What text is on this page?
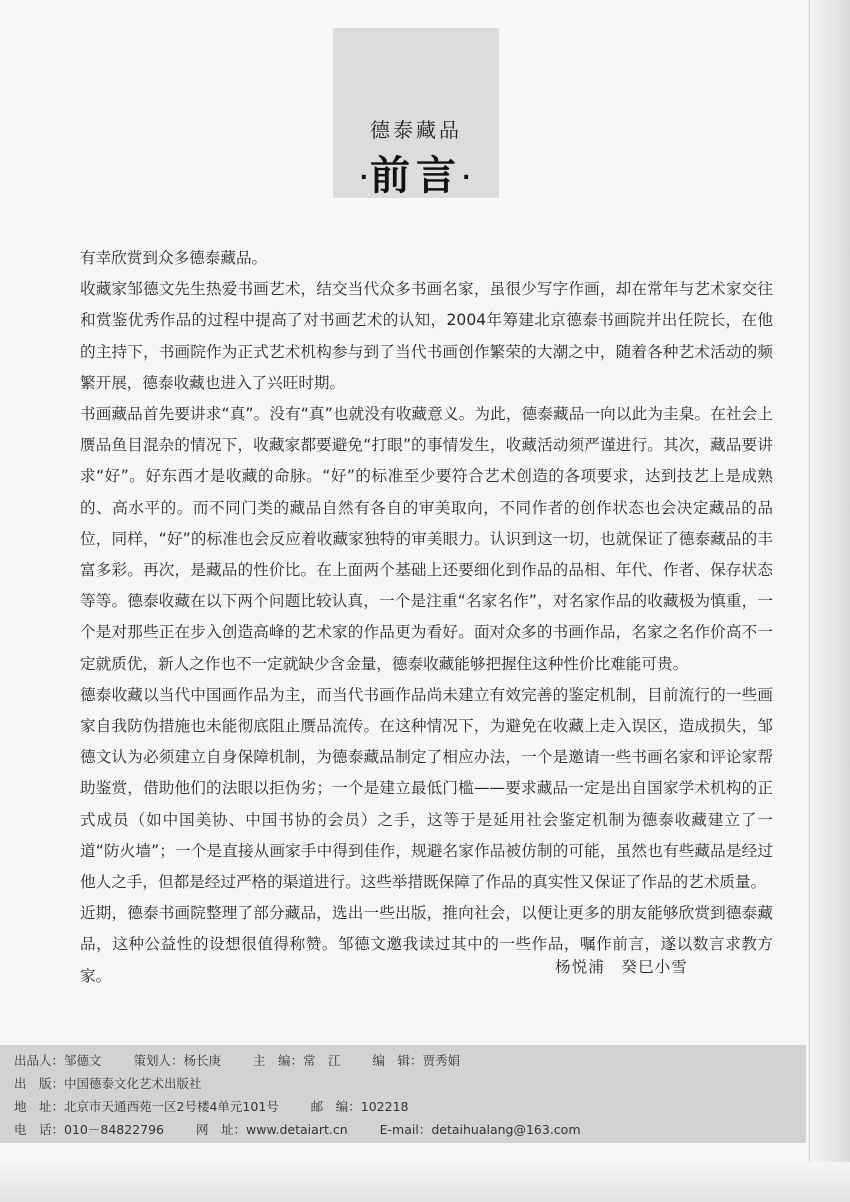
德泰藏品
·前言·

有幸欣赏到众多德泰藏品。

收藏家邹德文先生热爱书画艺术，结交当代众多书画名家，虽很少写字作画，却在常年与艺术家交往和赏鉴优秀作品的过程中提高了对书画艺术的认知，2004年筹建北京德泰书画院并出任院长，在他的主持下，书画院作为正式艺术机构参与到了当代书画创作繁荣的大潮之中，随着各种艺术活动的频繁开展，德泰收藏也进入了兴旺时期。

书画藏品首先要讲求“真”。没有“真”也就没有收藏意义。为此，德泰藏品一向以此为圭臬。在社会上赝品鱼目混杂的情况下，收藏家都要避免“打眼”的事情发生，收藏活动须严谨进行。其次，藏品要讲求“好”。好东西才是收藏的命脉。“好”的标准至少要符合艺术创造的各项要求，达到技艺上是成熟的、高水平的。而不同门类的藏品自然有各自的审美取向，不同作者的创作状态也会决定藏品的品位，同样，“好”的标准也会反应着收藏家独特的审美眼力。认识到这一切，也就保证了德泰藏品的丰富多彩。再次，是藏品的性价比。在上面两个基础上还要细化到作品的品相、年代、作者、保存状态等等。德泰收藏在以下两个问题比较认真，一个是注重“名家名作”，对名家作品的收藏极为慎重，一个是对那些正在步入创造高峰的艺术家的作品更为看好。面对众多的书画作品，名家之名作价高不一定就质优，新人之作也不一定就缺少含金量，德泰收藏能够把握住这种性价比难能可贵。

德泰收藏以当代中国画作品为主，而当代书画作品尚未建立有效完善的鉴定机制，目前流行的一些画家自我防伪措施也未能彻底阻止赝品流传。在这种情况下，为避免在收藏上走入误区，造成损失，邹德文认为必须建立自身保障机制，为德泰藏品制定了相应办法，一个是邀请一些书画名家和评论家帮助鉴赏，借助他们的法眼以拒伪劣；一个是建立最低门槛——要求藏品一定是出自国家学术机构的正式成员（如中国美协、中国书协的会员）之手，这等于是延用社会鉴定机制为德泰收藏建立了一道“防火墙”；一个是直接从画家手中得到佳作，规避名家作品被仿制的可能，虽然也有些藏品是经过他人之手，但都是经过严格的渠道进行。这些举措既保障了作品的真实性又保证了作品的艺术质量。

近期，德泰书画院整理了部分藏品，选出一些出版，推向社会，以便让更多的朋友能够欣赏到德泰藏品，这种公益性的设想很值得称赞。邹德文邀我读过其中的一些作品，嘱作前言，遂以数言求教方家。	杨悦浦　癸巳小雪
出品人：邹德文	策划人：杨长庚	主　编：常　江	编　辑：贾秀娟
出　版：中国德泰文化艺术出版社
地　址：北京市天通西苑一区2号楼4单元101号	邮　编：102218
电　话：010－84822796	网　址：www.detaiart.cn	E-mail：detaihualang@163.com
